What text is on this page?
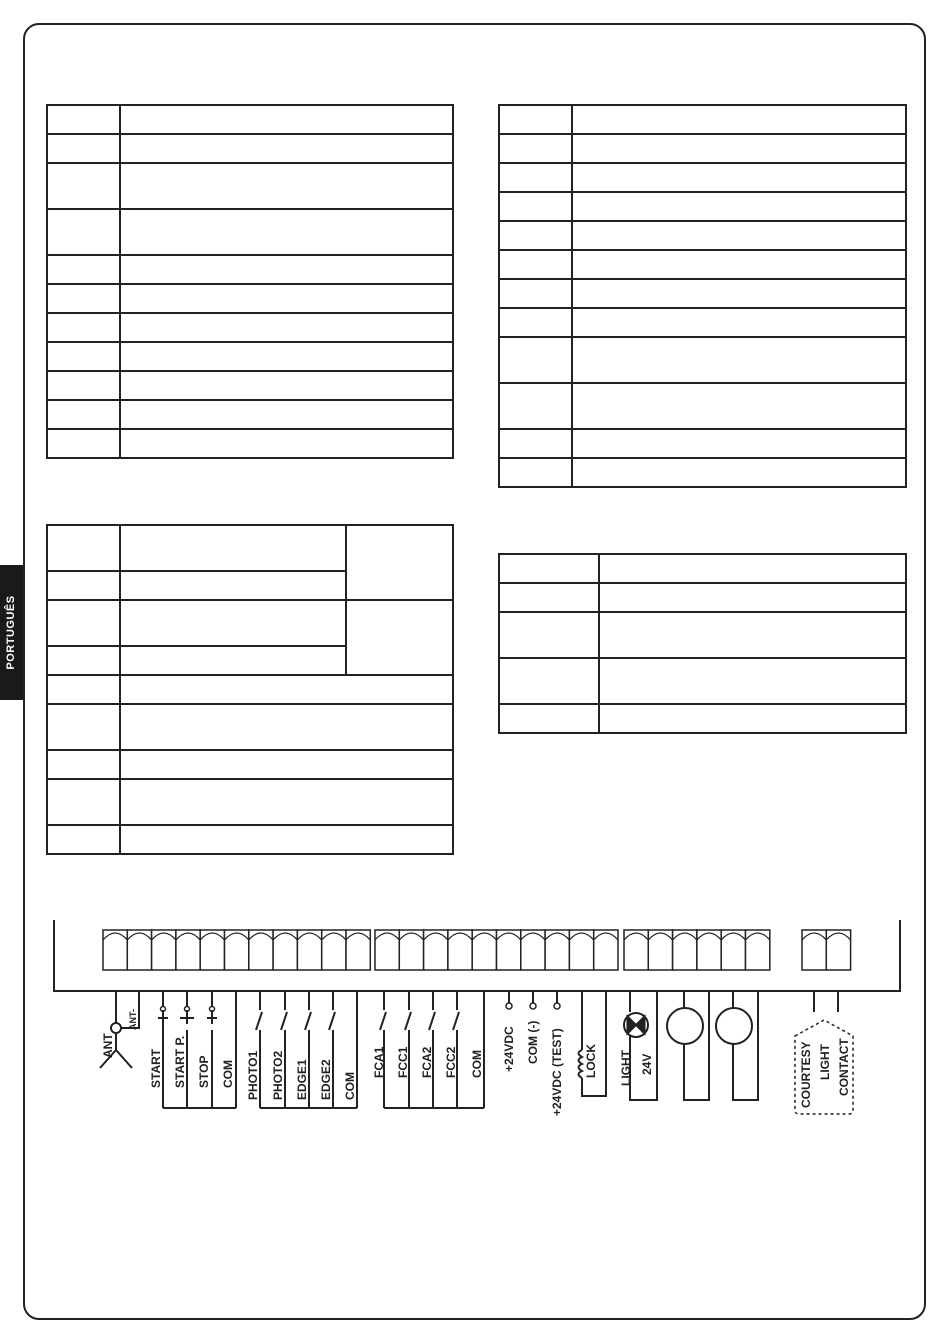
PORTUGUÊS

ANT
ANT-
START START P. STOP COM PHOTO1 PHOTO2 EDGE1 EDGE2 COM
FCA1 FCC1 FCA2 FCC2 COM +24VDC COM (-) +24VDC (TEST) LOCK LIGHT 24V	COURTESY LIGHT CONTACT
